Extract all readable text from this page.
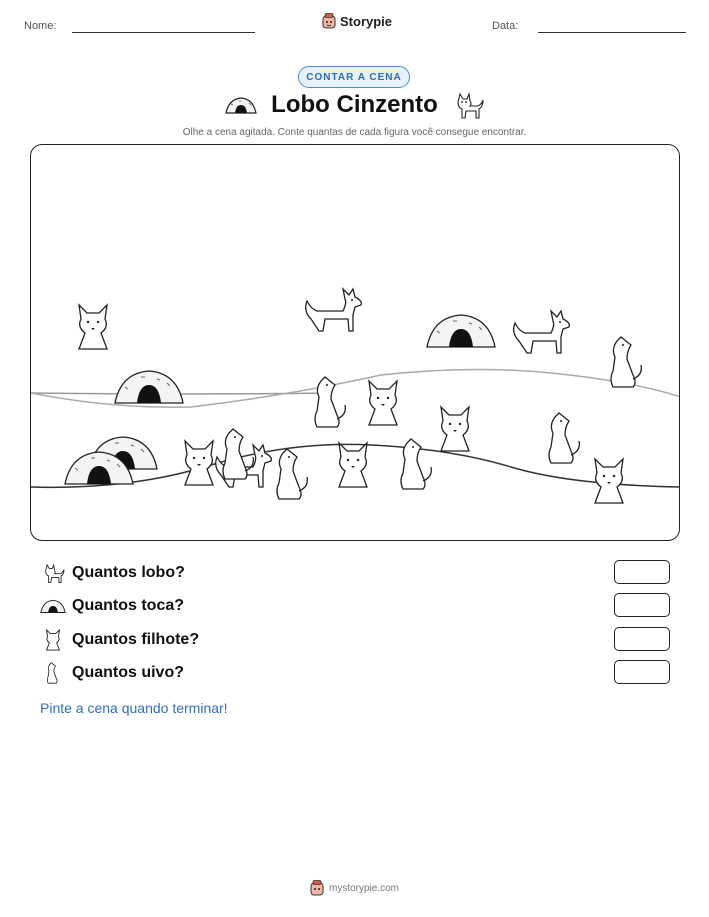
Nome:	Storypie	Data:
CONTAR A CENA
Lobo Cinzento
Olhe a cena agitada. Conte quantas de cada figura você consegue encontrar.
Quantos lobo?
Quantos toca?
Quantos filhote?
Quantos uivo?
Pinte a cena quando terminar!
mystorypie.com
